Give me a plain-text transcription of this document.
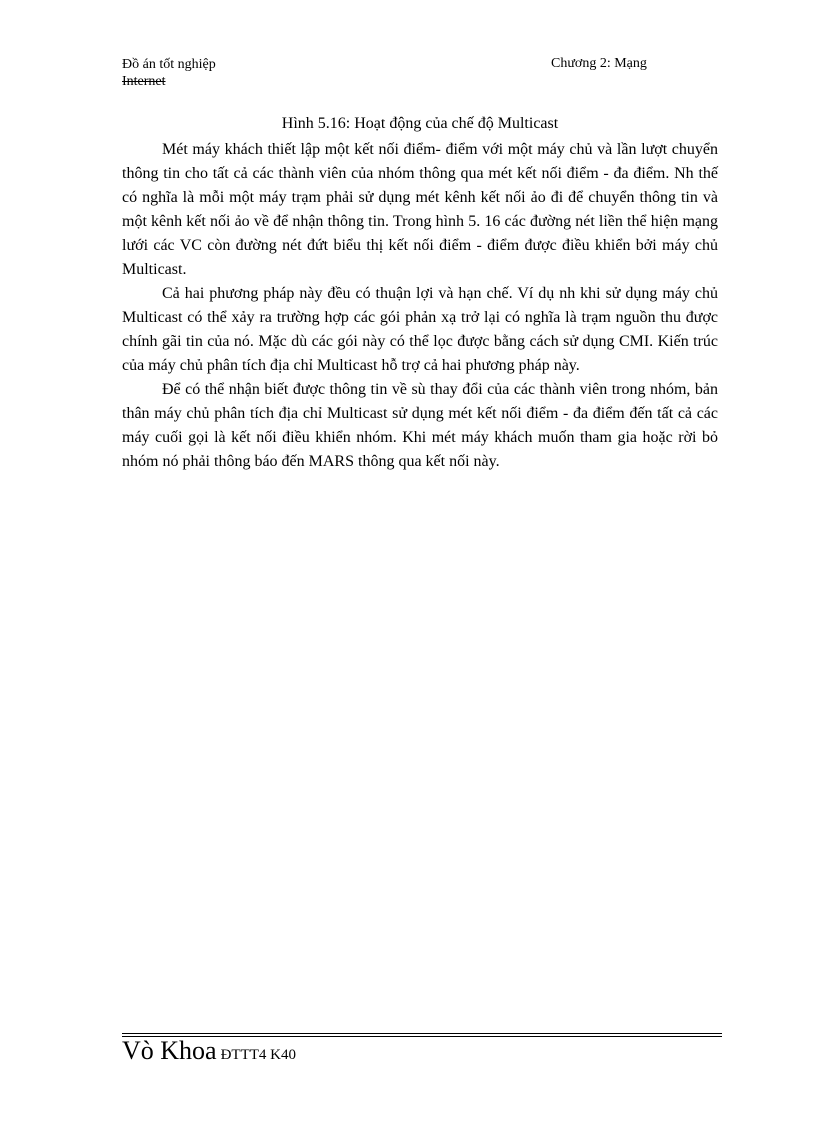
Đồ án tốt nghiệp
Internet
Chương 2: Mạng

Hình 5.16: Hoạt động của chế độ Multicast

Mét máy khách thiết lập một kết nối điểm- điểm với một máy chủ và lần lượt chuyển thông tin cho tất cả các thành viên của nhóm thông qua mét kết nối điểm - đa điểm. Nh thế có nghĩa là mỗi một máy trạm phải sử dụng mét kênh kết nối ảo đi để chuyển thông tin và một kênh kết nối ảo về để nhận thông tin. Trong hình 5. 16 các đường nét liền thể hiện mạng lưới các VC còn đường nét đứt biểu thị kết nối điểm - điểm được điều khiển bởi máy chủ Multicast.

Cả hai phương pháp này đều có thuận lợi và hạn chế. Ví dụ nh khi sử dụng máy chủ Multicast có thể xảy ra trường hợp các gói phản xạ trở lại có nghĩa là trạm nguồn thu được chính gãi tin của nó. Mặc dù các gói này có thể lọc được bằng cách sử dụng CMI. Kiến trúc của máy chủ phân tích địa chỉ Multicast hỗ trợ cả hai phương pháp này.

Để có thể nhận biết được thông tin về sù thay đổi của các thành viên trong nhóm, bản thân máy chủ phân tích địa chỉ Multicast sử dụng mét kết nối điểm - đa điểm đến tất cả các máy cuối gọi là kết nối điều khiển nhóm. Khi mét máy khách muốn tham gia hoặc rời bỏ nhóm nó phải thông báo đến MARS thông qua kết nối này.

Vò Khoa ĐTTT4 K40
